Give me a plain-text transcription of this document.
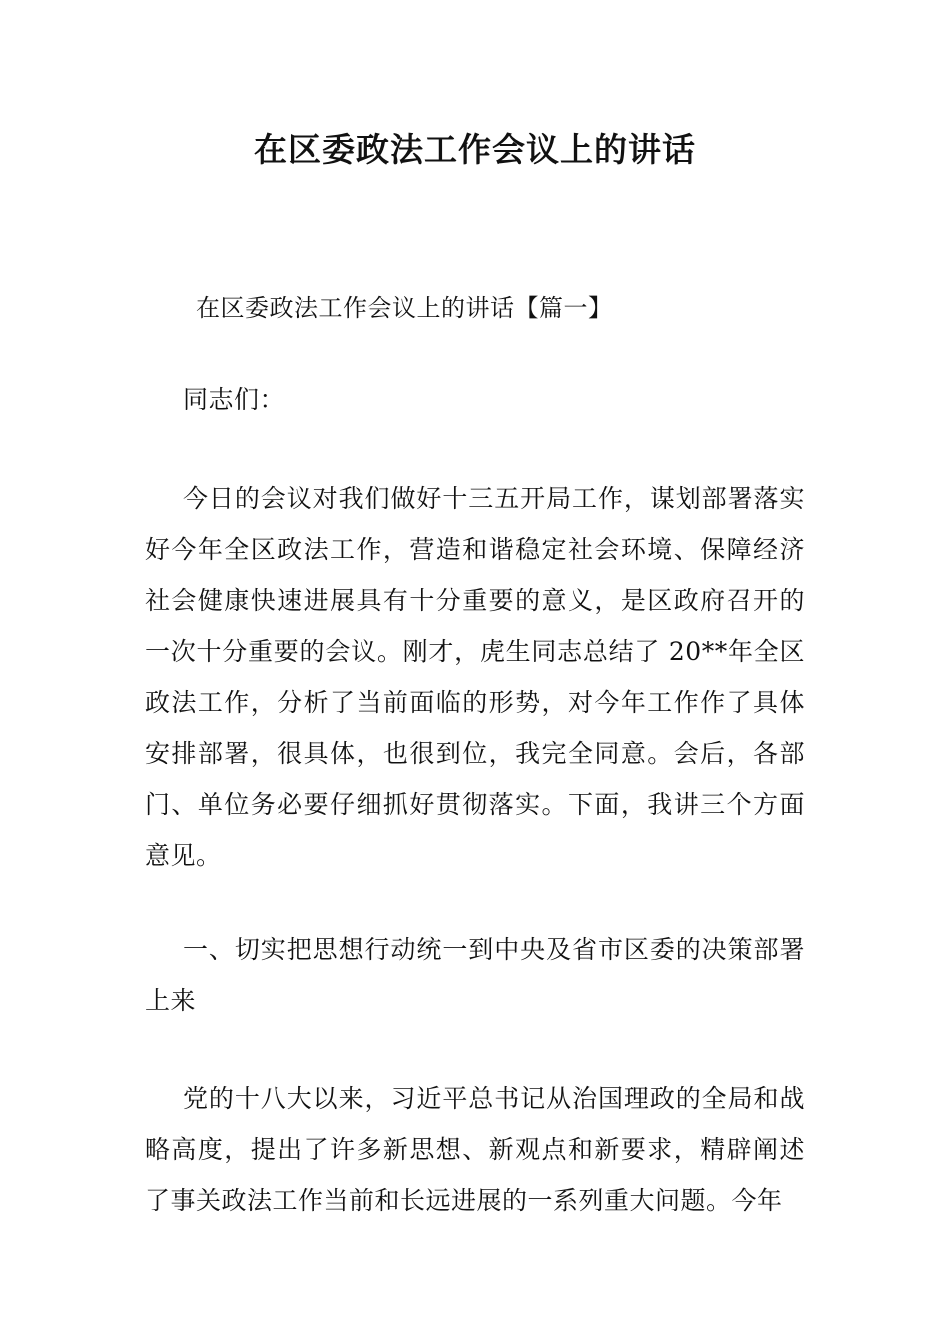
在区委政法工作会议上的讲话

在区委政法工作会议上的讲话【篇一】

同志们：

今日的会议对我们做好十三五开局工作，谋划部署落实好今年全区政法工作，营造和谐稳定社会环境、保障经济社会健康快速进展具有十分重要的意义，是区政府召开的一次十分重要的会议。刚才，虎生同志总结了 20**年全区政法工作，分析了当前面临的形势，对今年工作作了具体安排部署，很具体，也很到位，我完全同意。会后，各部门、单位务必要仔细抓好贯彻落实。下面，我讲三个方面意见。

一、切实把思想行动统一到中央及省市区委的决策部署上来

党的十八大以来，习近平总书记从治国理政的全局和战略高度，提出了许多新思想、新观点和新要求，精辟阐述了事关政法工作当前和长远进展的一系列重大问题。今年
